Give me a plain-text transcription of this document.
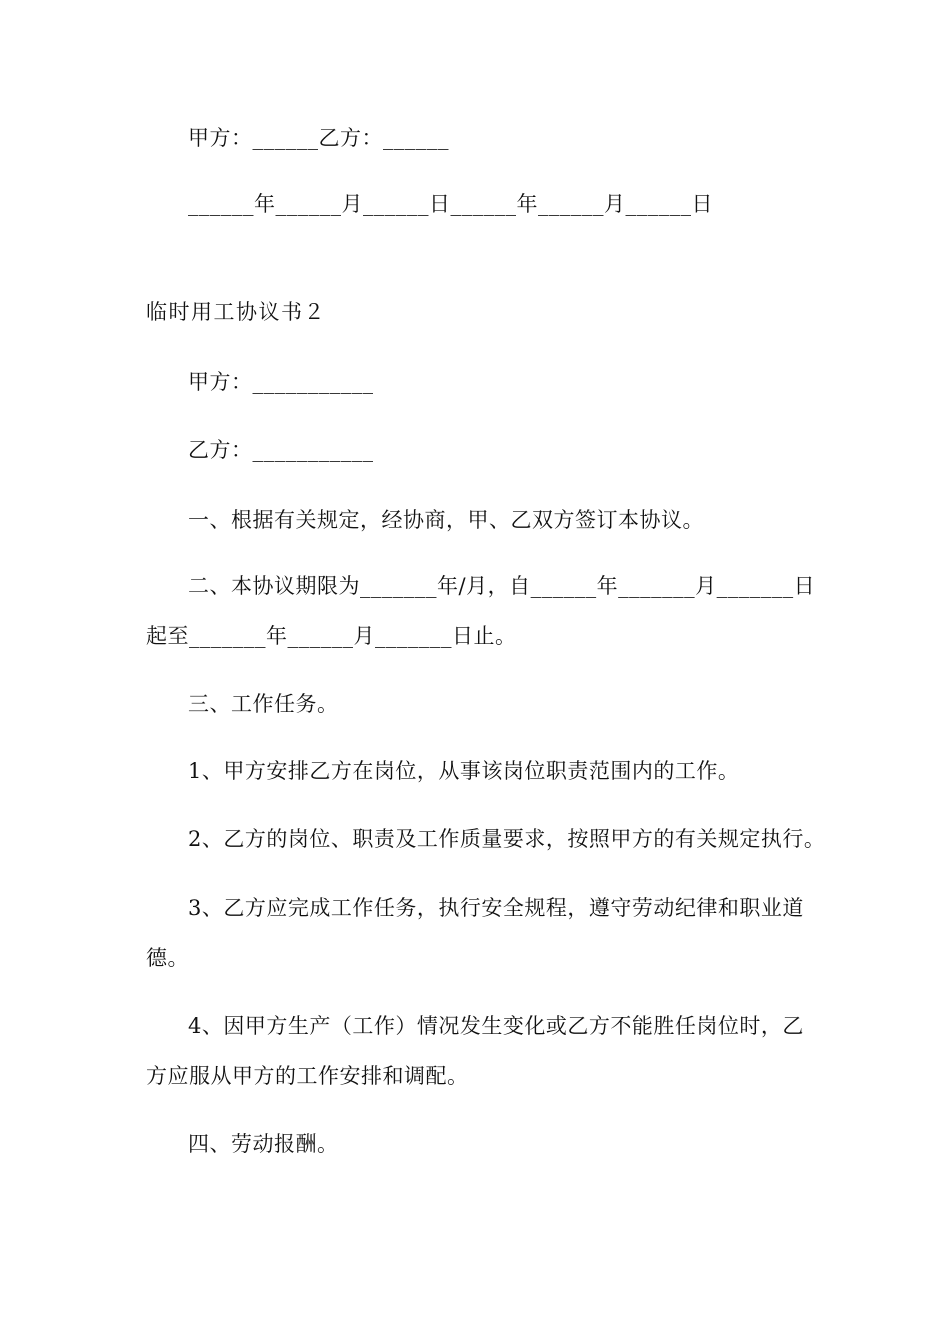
甲方：______乙方：______
______年______月______日______年______月______日
临时用工协议书２
甲方：___________
乙方：___________
一、根据有关规定，经协商，甲、乙双方签订本协议。
二、本协议期限为_______年/月，自______年_______月_______日
起至_______年______月_______日止。
三、工作任务。
1、甲方安排乙方在岗位，从事该岗位职责范围内的工作。
2、乙方的岗位、职责及工作质量要求，按照甲方的有关规定执行。
3、乙方应完成工作任务，执行安全规程，遵守劳动纪律和职业道
德。
4、因甲方生产（工作）情况发生变化或乙方不能胜任岗位时，乙
方应服从甲方的工作安排和调配。
四、劳动报酬。
